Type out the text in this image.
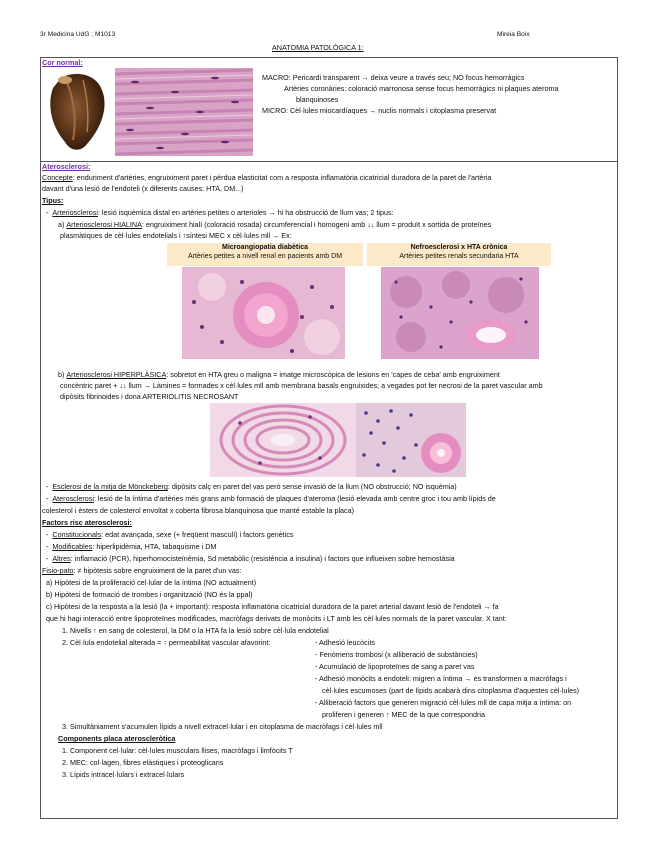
3r Medicina UdG ; M1013	Mireia Boix
ANATOMIA PATOLÒGICA 1:
Cor normal:
MACRO: Pericardi transparent → deixa veure a través seu; NO focus hemorràgics
Artèries coronàries: coloració marronosa sense focus hemorràgics ni plaques ateroma
blanquinoses
MICRO: Cèl·lules miocardíaques → nuclis normals i citoplasma preservat
Aterosclerosi:
Concepte: enduriment d'artèries, engruiximent paret i pèrdua elasticitat com a resposta inflamatòria cicatricial duradora de la paret de l'artèria
davant d'una lesió de l'endoteli (x diferents causes: HTA, DM...)
Tipus:
-  Arteriosclerosi: lesió isquèmica distal en artèries petites o arterioles → hi ha obstrucció de llum vas; 2 tipus:
a) Arteriosclerosi HIALINA: engruiximent hialí (coloració rosada) circumferencial i homogeni amb ↓↓ llum = produït x sortida de proteïnes
plasmàtiques de cèl·lules endotelials i ↑síntesi MEC x cèl·lules mll → Ex:
Microangiopatia diabètica
Artèries petites a nivell renal en pacients amb DM
Nefroesclerosi x HTA crònica
Artèries petites renals secundaria HTA
b) Arteriosclerosi HIPERPLÀSICA: sobretot en HTA greu o maligna = imatge microscòpica de lesions en 'capes de ceba' amb engruiximent
concèntric paret + ↓↓ llum → Làmines = formades x cèl·lules mll amb membrana basals engruixides; a vegades pot fer necrosi de la paret vascular amb
dipòsits fibrinoides i dona ARTERIOLITIS NECROSANT
-  Esclerosi de la mitja de Mönckeberg: dipòsits calç en paret del vas però sense invasió de la llum (NO obstrucció; NO isquèmia)
-  Aterosclerosi: lesió de la íntima d'artèries més grans amb formació de plaques d'ateroma (lesió elevada amb centre groc i tou amb lípids de
colesterol i èsters de colesterol envoltat x coberta fibrosa blanquinosa que manté estable la placa)
Factors risc aterosclerosi:
-  Constitucionals: edat avançada, sexe (+ freqüent masculí) i factors genètics
-  Modificables: hiperlipidèmia, HTA, tabaquisme i DM
-  Altres: inflamació (PCR), hiperhomocisteïnèmia, Sd metabòlic (resistència a insulina) i factors que influeixen sobre hemostàsia
Fisio-pato: ≠ hipòtesis sobre engruiximent de la paret d'un vas:
a) Hipòtesi de la proliferació cel·lular de la íntima (NO actualment)
b) Hipòtesi de formació de trombes i organització (NO és la ppal)
c) Hipòtesi de la resposta a la lesió (la + important): resposta inflamatòria cicatricial duradora de la paret arterial davant lesió de l'endoteli → fa
que hi hagi interacció entre lipoproteïnes modificades, macròfags derivats de monòcits i LT amb les cèl·lules normals de la paret vascular. X tant:
1. Nivells ↑ en sang de colesterol, la DM o la HTA fa la lesió sobre cèl·lula endotelial
2. Cèl·lula endotelial alterada = ↑ permeabilitat vascular afavorint:	- Adhesió leucòcits
- Fenòmens trombosi (x alliberació de substàncies)
- Acumulació de lipoproteïnes de sang a paret vas
- Adhesió monòcits a endoteli: migren a íntima → es transformen a macròfags i
cèl·lules escumoses (part de lípids acabarà dins citoplasma d'aquestes cèl·lules)
- Alliberació factors que generen migració cèl·lules mll de capa mitja a íntima: on
proliferen i generen ↑ MEC de la que correspondria
3. Simultàniament s'acumulen lípids a nivell extracel·lular i en citoplasma de macròfags i cèl·lules mll
Components placa ateroscleròtica
1. Component cel·lular: cèl·lules musculars llises, macròfags i limfòcits T
2. MEC: col·lagen, fibres elàstiques i proteoglicans
3. Lípids intracel·lulars i extracel·lulars
